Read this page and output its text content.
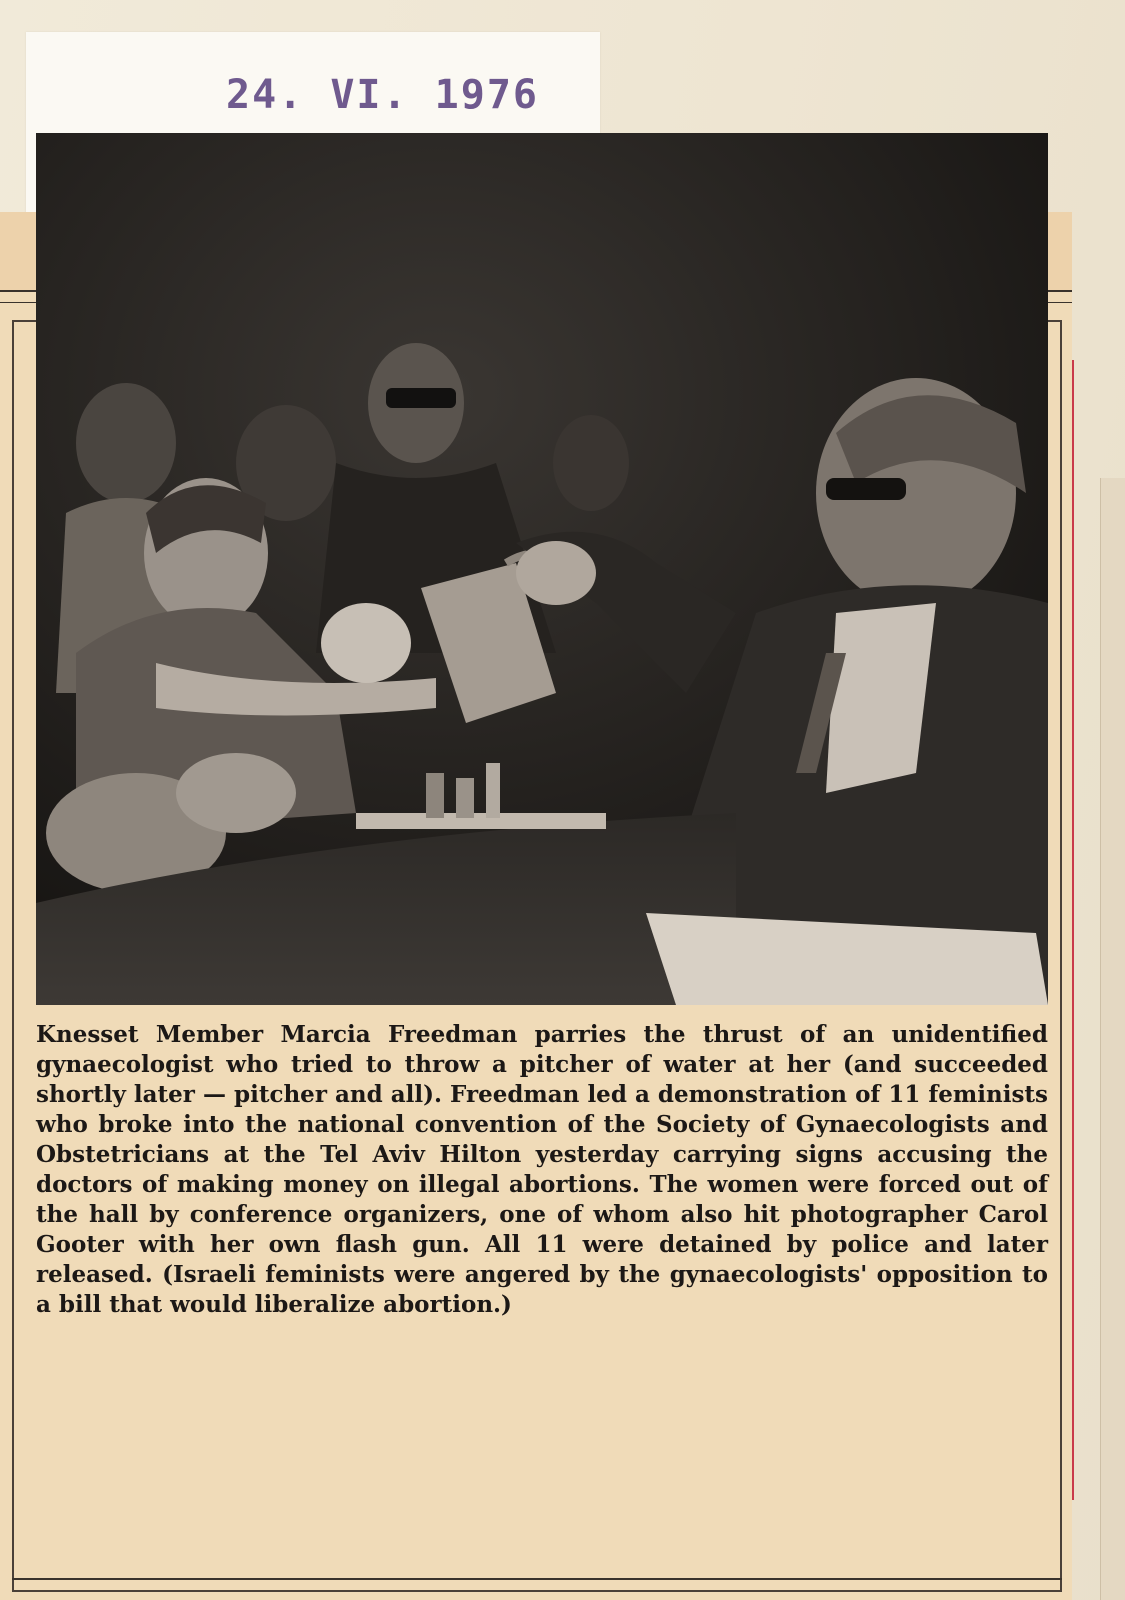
24. VI. 1976

Knesset Member Marcia Freedman parries the thrust of an unidentified gynaecologist who tried to throw a pitcher of water at her (and succeeded shortly later — pitcher and all). Freedman led a demonstration of 11 feminists who broke into the national convention of the Society of Gynaecologists and Obstetricians at the Tel Aviv Hilton yesterday carrying signs accusing the doctors of making money on illegal abortions. The women were forced out of the hall by conference organizers, one of whom also hit photographer Carol Gooter with her own flash gun. All 11 were detained by police and later released. (Israeli feminists were angered by the gynaecologists' opposition to a bill that would liberalize abortion.)
